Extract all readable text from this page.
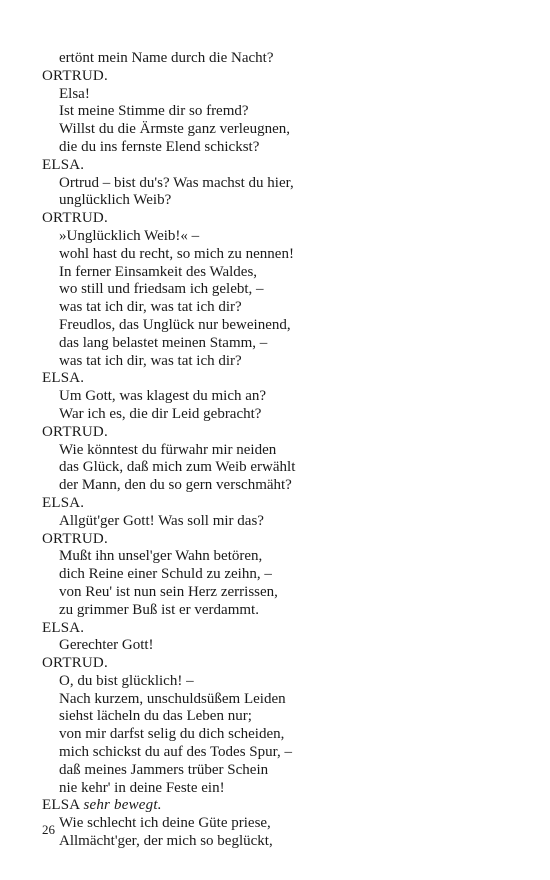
ertönt mein Name durch die Nacht?
ORTRUD.
Elsa!
Ist meine Stimme dir so fremd?
Willst du die Ärmste ganz verleugnen,
die du ins fernste Elend schickst?
ELSA.
Ortrud – bist du's? Was machst du hier,
unglücklich Weib?
ORTRUD.
»Unglücklich Weib!« –
wohl hast du recht, so mich zu nennen!
In ferner Einsamkeit des Waldes,
wo still und friedsam ich gelebt, –
was tat ich dir, was tat ich dir?
Freudlos, das Unglück nur beweinend,
das lang belastet meinen Stamm, –
was tat ich dir, was tat ich dir?
ELSA.
Um Gott, was klagest du mich an?
War ich es, die dir Leid gebracht?
ORTRUD.
Wie könntest du fürwahr mir neiden
das Glück, daß mich zum Weib erwählt
der Mann, den du so gern verschmäht?
ELSA.
Allgüt'ger Gott! Was soll mir das?
ORTRUD.
Mußt ihn unsel'ger Wahn betören,
dich Reine einer Schuld zu zeihn, –
von Reu' ist nun sein Herz zerrissen,
zu grimmer Buß ist er verdammt.
ELSA.
Gerechter Gott!
ORTRUD.
O, du bist glücklich! –
Nach kurzem, unschuldsüßem Leiden
siehst lächeln du das Leben nur;
von mir darfst selig du dich scheiden,
mich schickst du auf des Todes Spur, –
daß meines Jammers trüber Schein
nie kehr' in deine Feste ein!
ELSA sehr bewegt.
Wie schlecht ich deine Güte priese,
Allmächt'ger, der mich so beglückt,
26
